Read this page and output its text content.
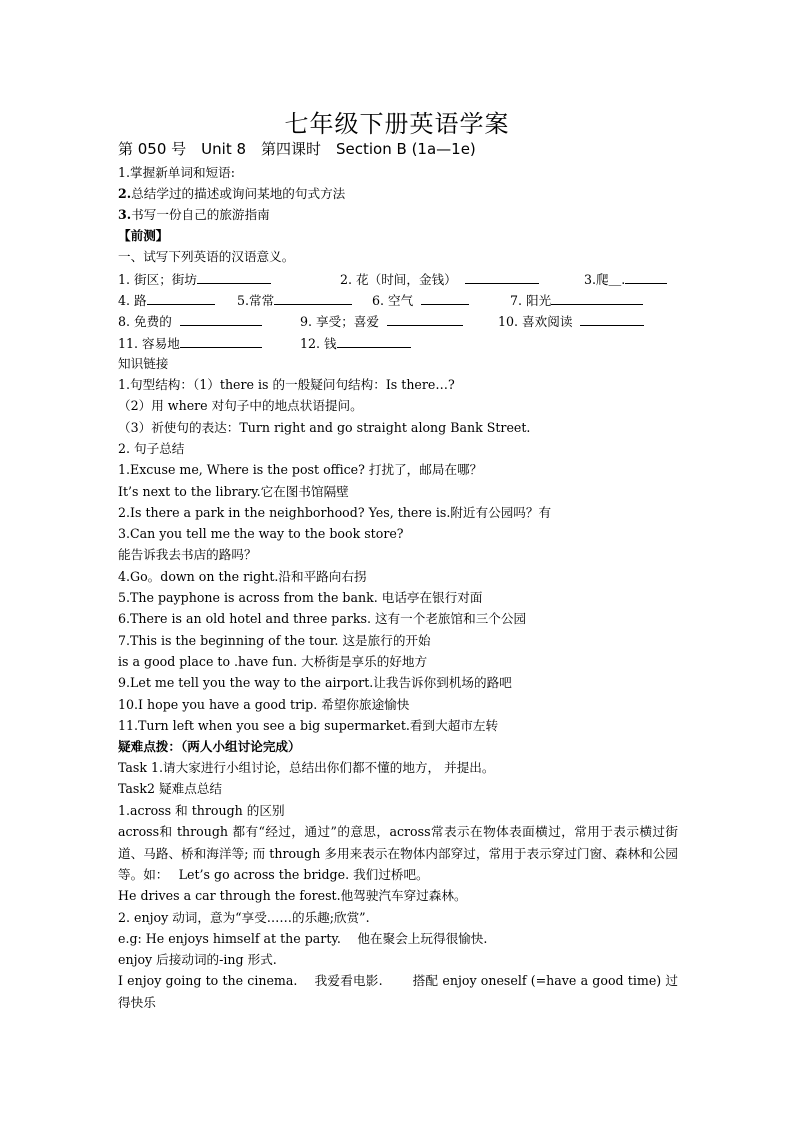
七年级下册英语学案
第 050 号　Unit 8　第四课时　Section B (1a—1e)
1.掌握新单词和短语:
2.总结学过的描述或询问某地的句式方法
3.书写一份自己的旅游指南
【前测】
一、试写下列英语的汉语意义。
1. 街区；街坊	2. 花（时间，金钱）	3.爬＿.
4. 路	5.常常	6. 空气	7. 阳光
8. 免费的	9. 享受；喜爱	10. 喜欢阅读
11. 容易地	12. 钱
知识链接
1.句型结构：（1）there is 的一般疑问句结构：Is there…?
（2）用 where 对句子中的地点状语提问。
（3）祈使句的表达：Turn right and go straight along Bank Street.
2. 句子总结
1.Excuse me, Where is the post office? 打扰了，邮局在哪？
It’s next to the library.它在图书馆隔壁
2.Is there a park in the neighborhood? Yes, there is.附近有公园吗？有
3.Can you tell me the way to the book store?
能告诉我去书店的路吗？
4.Go。down on the right.沿和平路向右拐
5.The payphone is across from the bank. 电话亭在银行对面
6.There is an old hotel and three parks. 这有一个老旅馆和三个公园
7.This is the beginning of the tour. 这是旅行的开始
is a good place to .have fun. 大桥街是享乐的好地方
9.Let me tell you the way to the airport.让我告诉你到机场的路吧
10.I hope you have a good trip. 希望你旅途愉快
11.Turn left when you see a big supermarket.看到大超市左转
疑难点拨：（两人小组讨论完成）
Task 1.请大家进行小组讨论，总结出你们都不懂的地方， 并提出。
Task2 疑难点总结
1.across 和 through 的区别
across和 through 都有“经过，通过”的意思，across常表示在物体表面横过，常用于表示横过街道、马路、桥和海洋等; 而 through 多用来表示在物体内部穿过，常用于表示穿过门窗、森林和公园等。如：　 Let’s go across the bridge. 我们过桥吧。
He drives a car through the forest.他驾驶汽车穿过森林。
2. enjoy 动词，意为“享受……的乐趣;欣赏”.
e.g: He enjoys himself at the party.　 他在聚会上玩得很愉快.
enjoy 后接动词的-ing 形式.
I enjoy going to the cinema.　 我爱看电影.　　 搭配 enjoy oneself (=have a good time) 过得快乐
